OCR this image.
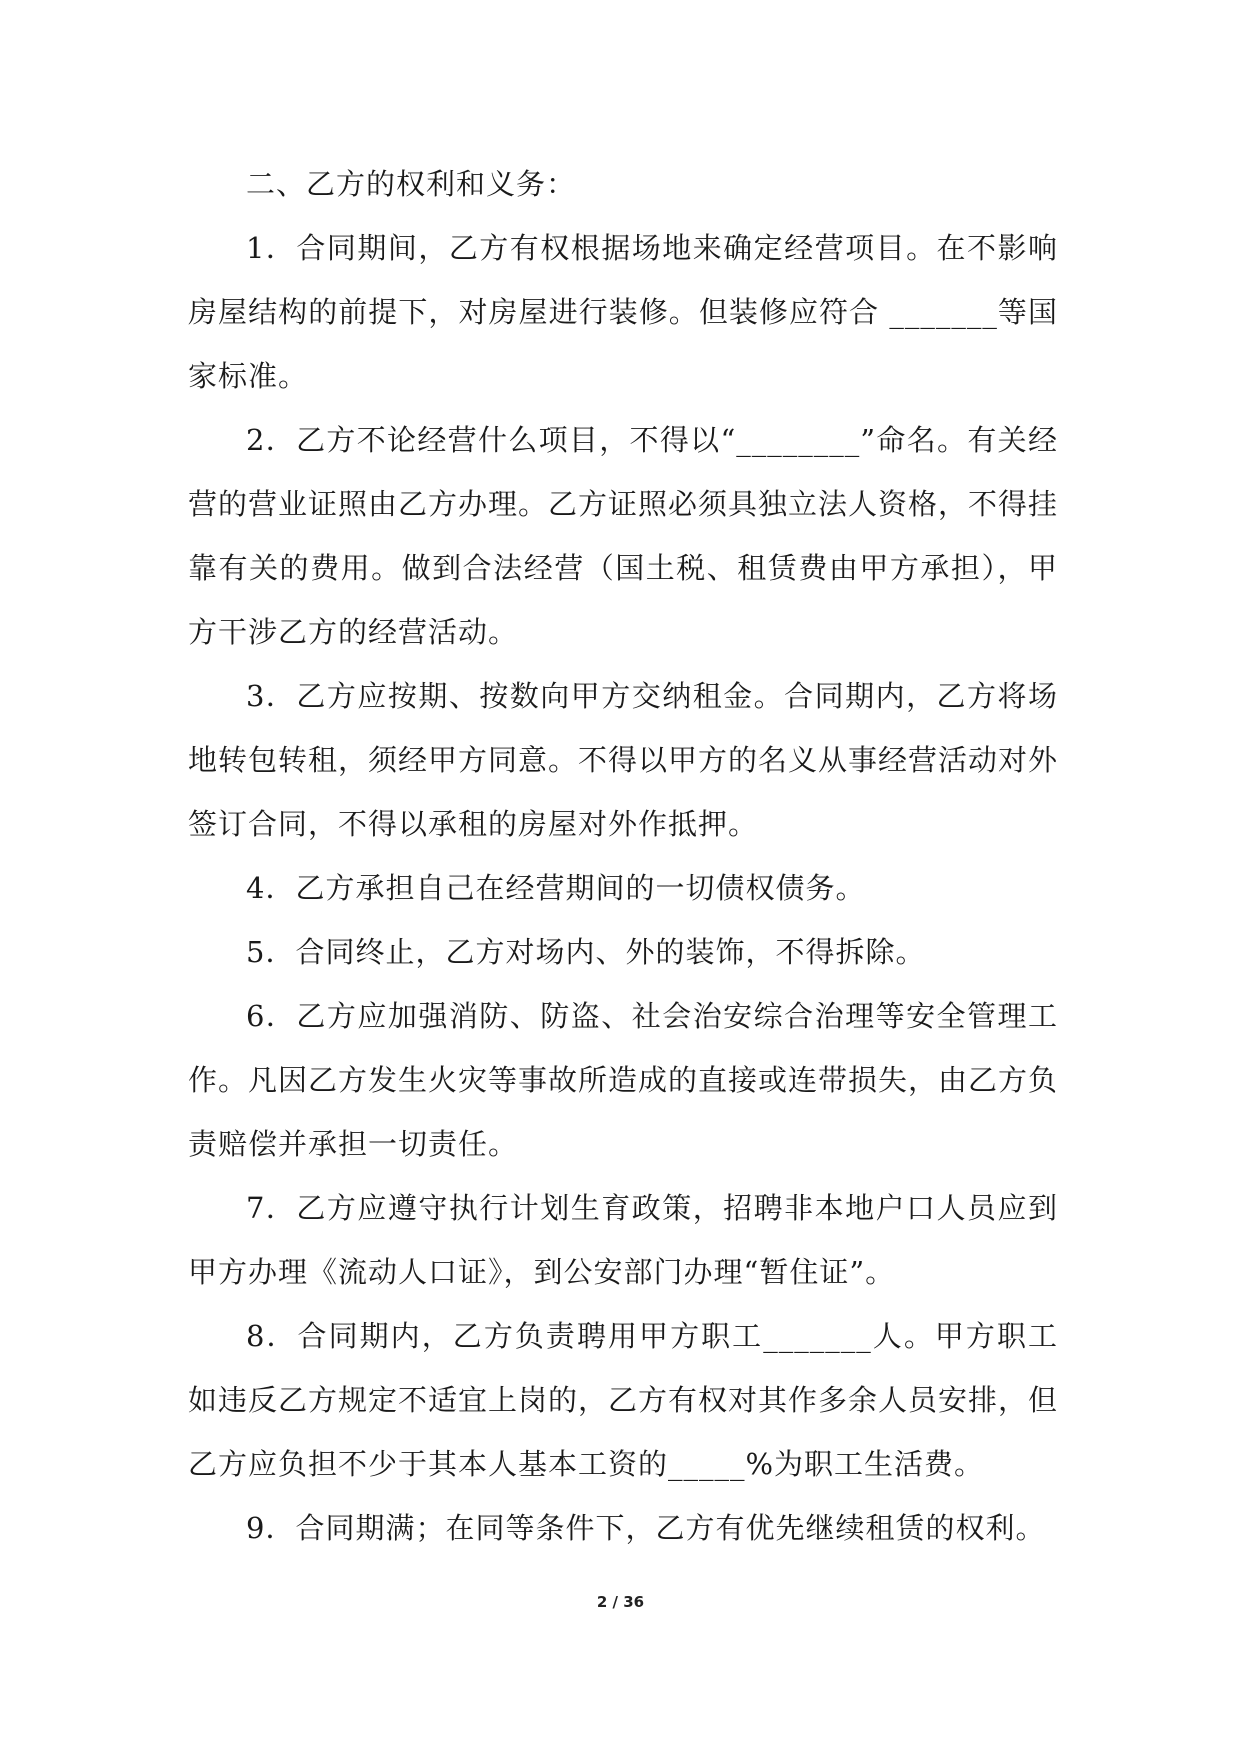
二、乙方的权利和义务：

1．合同期间，乙方有权根据场地来确定经营项目。在不影响房屋结构的前提下，对房屋进行装修。但装修应符合 _______等国家标准。

2．乙方不论经营什么项目，不得以“________”命名。有关经营的营业证照由乙方办理。乙方证照必须具独立法人资格，不得挂靠有关的费用。做到合法经营（国土税、租赁费由甲方承担），甲方干涉乙方的经营活动。

3．乙方应按期、按数向甲方交纳租金。合同期内，乙方将场地转包转租，须经甲方同意。不得以甲方的名义从事经营活动对外签订合同，不得以承租的房屋对外作抵押。

4．乙方承担自己在经营期间的一切债权债务。

5．合同终止，乙方对场内、外的装饰，不得拆除。

6．乙方应加强消防、防盗、社会治安综合治理等安全管理工作。凡因乙方发生火灾等事故所造成的直接或连带损失，由乙方负责赔偿并承担一切责任。

7．乙方应遵守执行计划生育政策，招聘非本地户口人员应到甲方办理《流动人口证》，到公安部门办理“暂住证”。

8．合同期内，乙方负责聘用甲方职工_______人。甲方职工如违反乙方规定不适宜上岗的，乙方有权对其作多余人员安排，但乙方应负担不少于其本人基本工资的_____%为职工生活费。

9．合同期满；在同等条件下，乙方有优先继续租赁的权利。

2 / 36
